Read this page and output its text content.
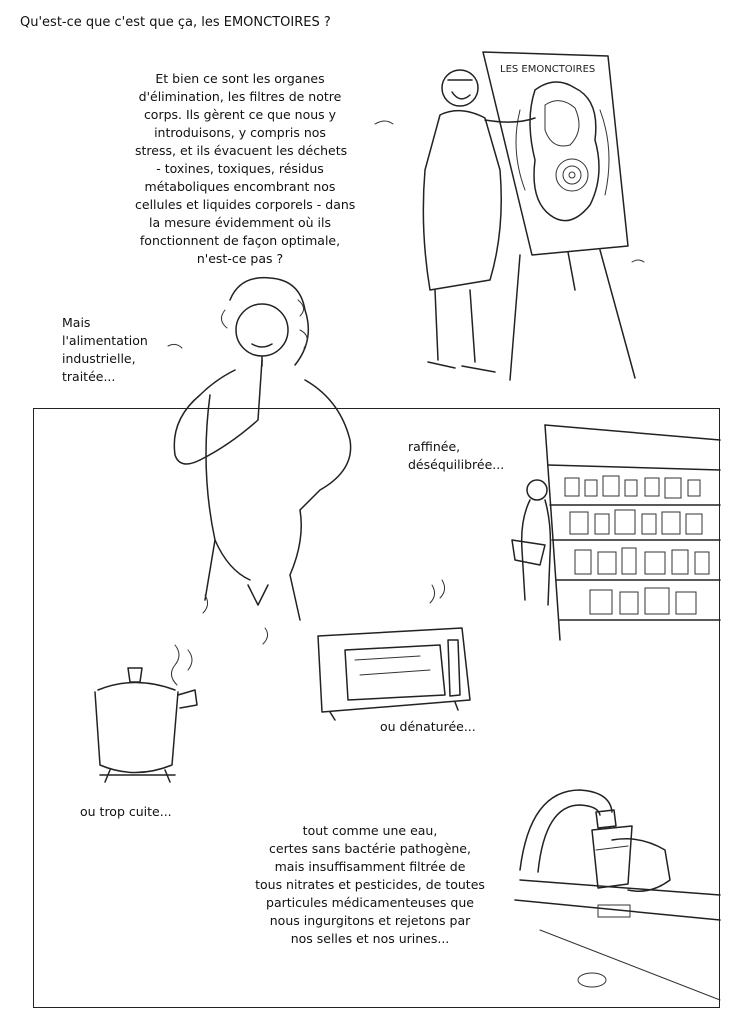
Qu'est-ce que c'est que ça, les EMONCTOIRES ?
Et bien ce sont les organes
d'élimination, les filtres de notre
corps. Ils gèrent ce que nous y
introduisons, y compris nos
stress, et ils évacuent les déchets
- toxines, toxiques, résidus
métaboliques encombrant nos
cellules et liquides corporels - dans
la mesure évidemment où ils
fonctionnent de façon optimale,
n'est-ce pas ?
Mais
l'alimentation
industrielle,
traitée...
raffinée,
déséquilibrée...
ou dénaturée...
ou trop cuite...
tout comme une eau,
certes sans bactérie pathogène,
mais insuffisamment filtrée de
tous nitrates et pesticides, de toutes
particules médicamenteuses que
nous ingurgitons et rejetons par
nos selles et nos urines...
LES EMONCTOIRES
